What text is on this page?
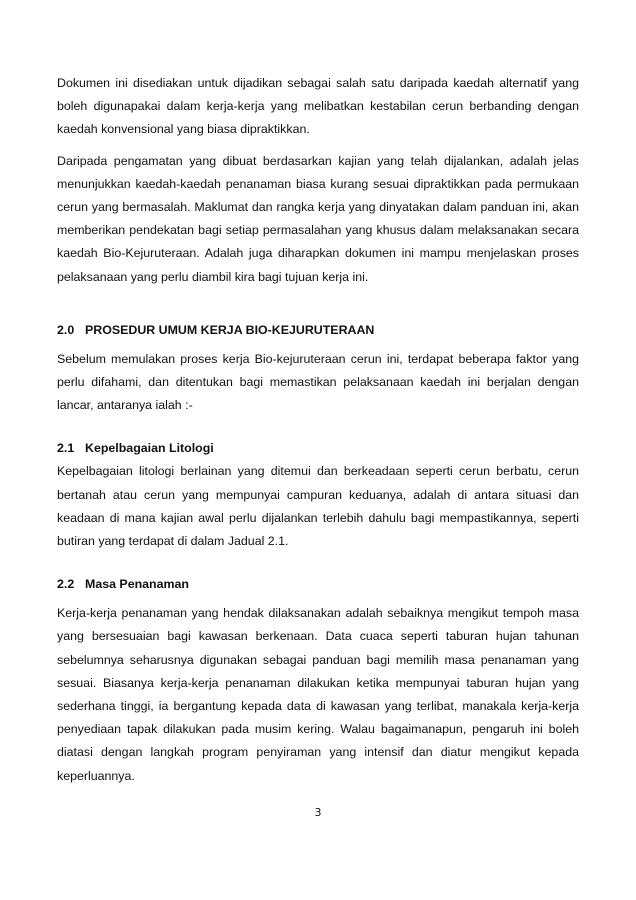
Dokumen ini disediakan untuk dijadikan sebagai salah satu daripada kaedah alternatif yang boleh digunapakai dalam kerja-kerja yang melibatkan kestabilan cerun berbanding dengan kaedah konvensional yang biasa dipraktikkan.

Daripada pengamatan yang dibuat berdasarkan kajian yang telah dijalankan, adalah jelas menunjukkan kaedah-kaedah penanaman biasa kurang sesuai dipraktikkan pada permukaan cerun yang bermasalah. Maklumat dan rangka kerja yang dinyatakan dalam panduan ini, akan memberikan pendekatan bagi setiap permasalahan yang khusus dalam melaksanakan secara kaedah Bio-Kejuruteraan. Adalah juga diharapkan dokumen ini mampu menjelaskan proses pelaksanaan yang perlu diambil kira bagi tujuan kerja ini.

2.0 PROSEDUR UMUM KERJA BIO-KEJURUTERAAN

Sebelum memulakan proses kerja Bio-kejuruteraan cerun ini, terdapat beberapa faktor yang perlu difahami, dan ditentukan bagi memastikan pelaksanaan kaedah ini berjalan dengan lancar, antaranya ialah :-

2.1 Kepelbagaian Litologi

Kepelbagaian litologi berlainan yang ditemui dan berkeadaan seperti cerun berbatu, cerun bertanah atau cerun yang mempunyai campuran keduanya, adalah di antara situasi dan keadaan di mana kajian awal perlu dijalankan terlebih dahulu bagi mempastikannya, seperti butiran yang terdapat di dalam Jadual 2.1.

2.2 Masa Penanaman

Kerja-kerja penanaman yang hendak dilaksanakan adalah sebaiknya mengikut tempoh masa yang bersesuaian bagi kawasan berkenaan. Data cuaca seperti taburan hujan tahunan sebelumnya seharusnya digunakan sebagai panduan bagi memilih masa penanaman yang sesuai. Biasanya kerja-kerja penanaman dilakukan ketika mempunyai taburan hujan yang sederhana tinggi, ia bergantung kepada data di kawasan yang terlibat, manakala kerja-kerja penyediaan tapak dilakukan pada musim kering. Walau bagaimanapun, pengaruh ini boleh diatasi dengan langkah program penyiraman yang intensif dan diatur mengikut kepada keperluannya.

3
